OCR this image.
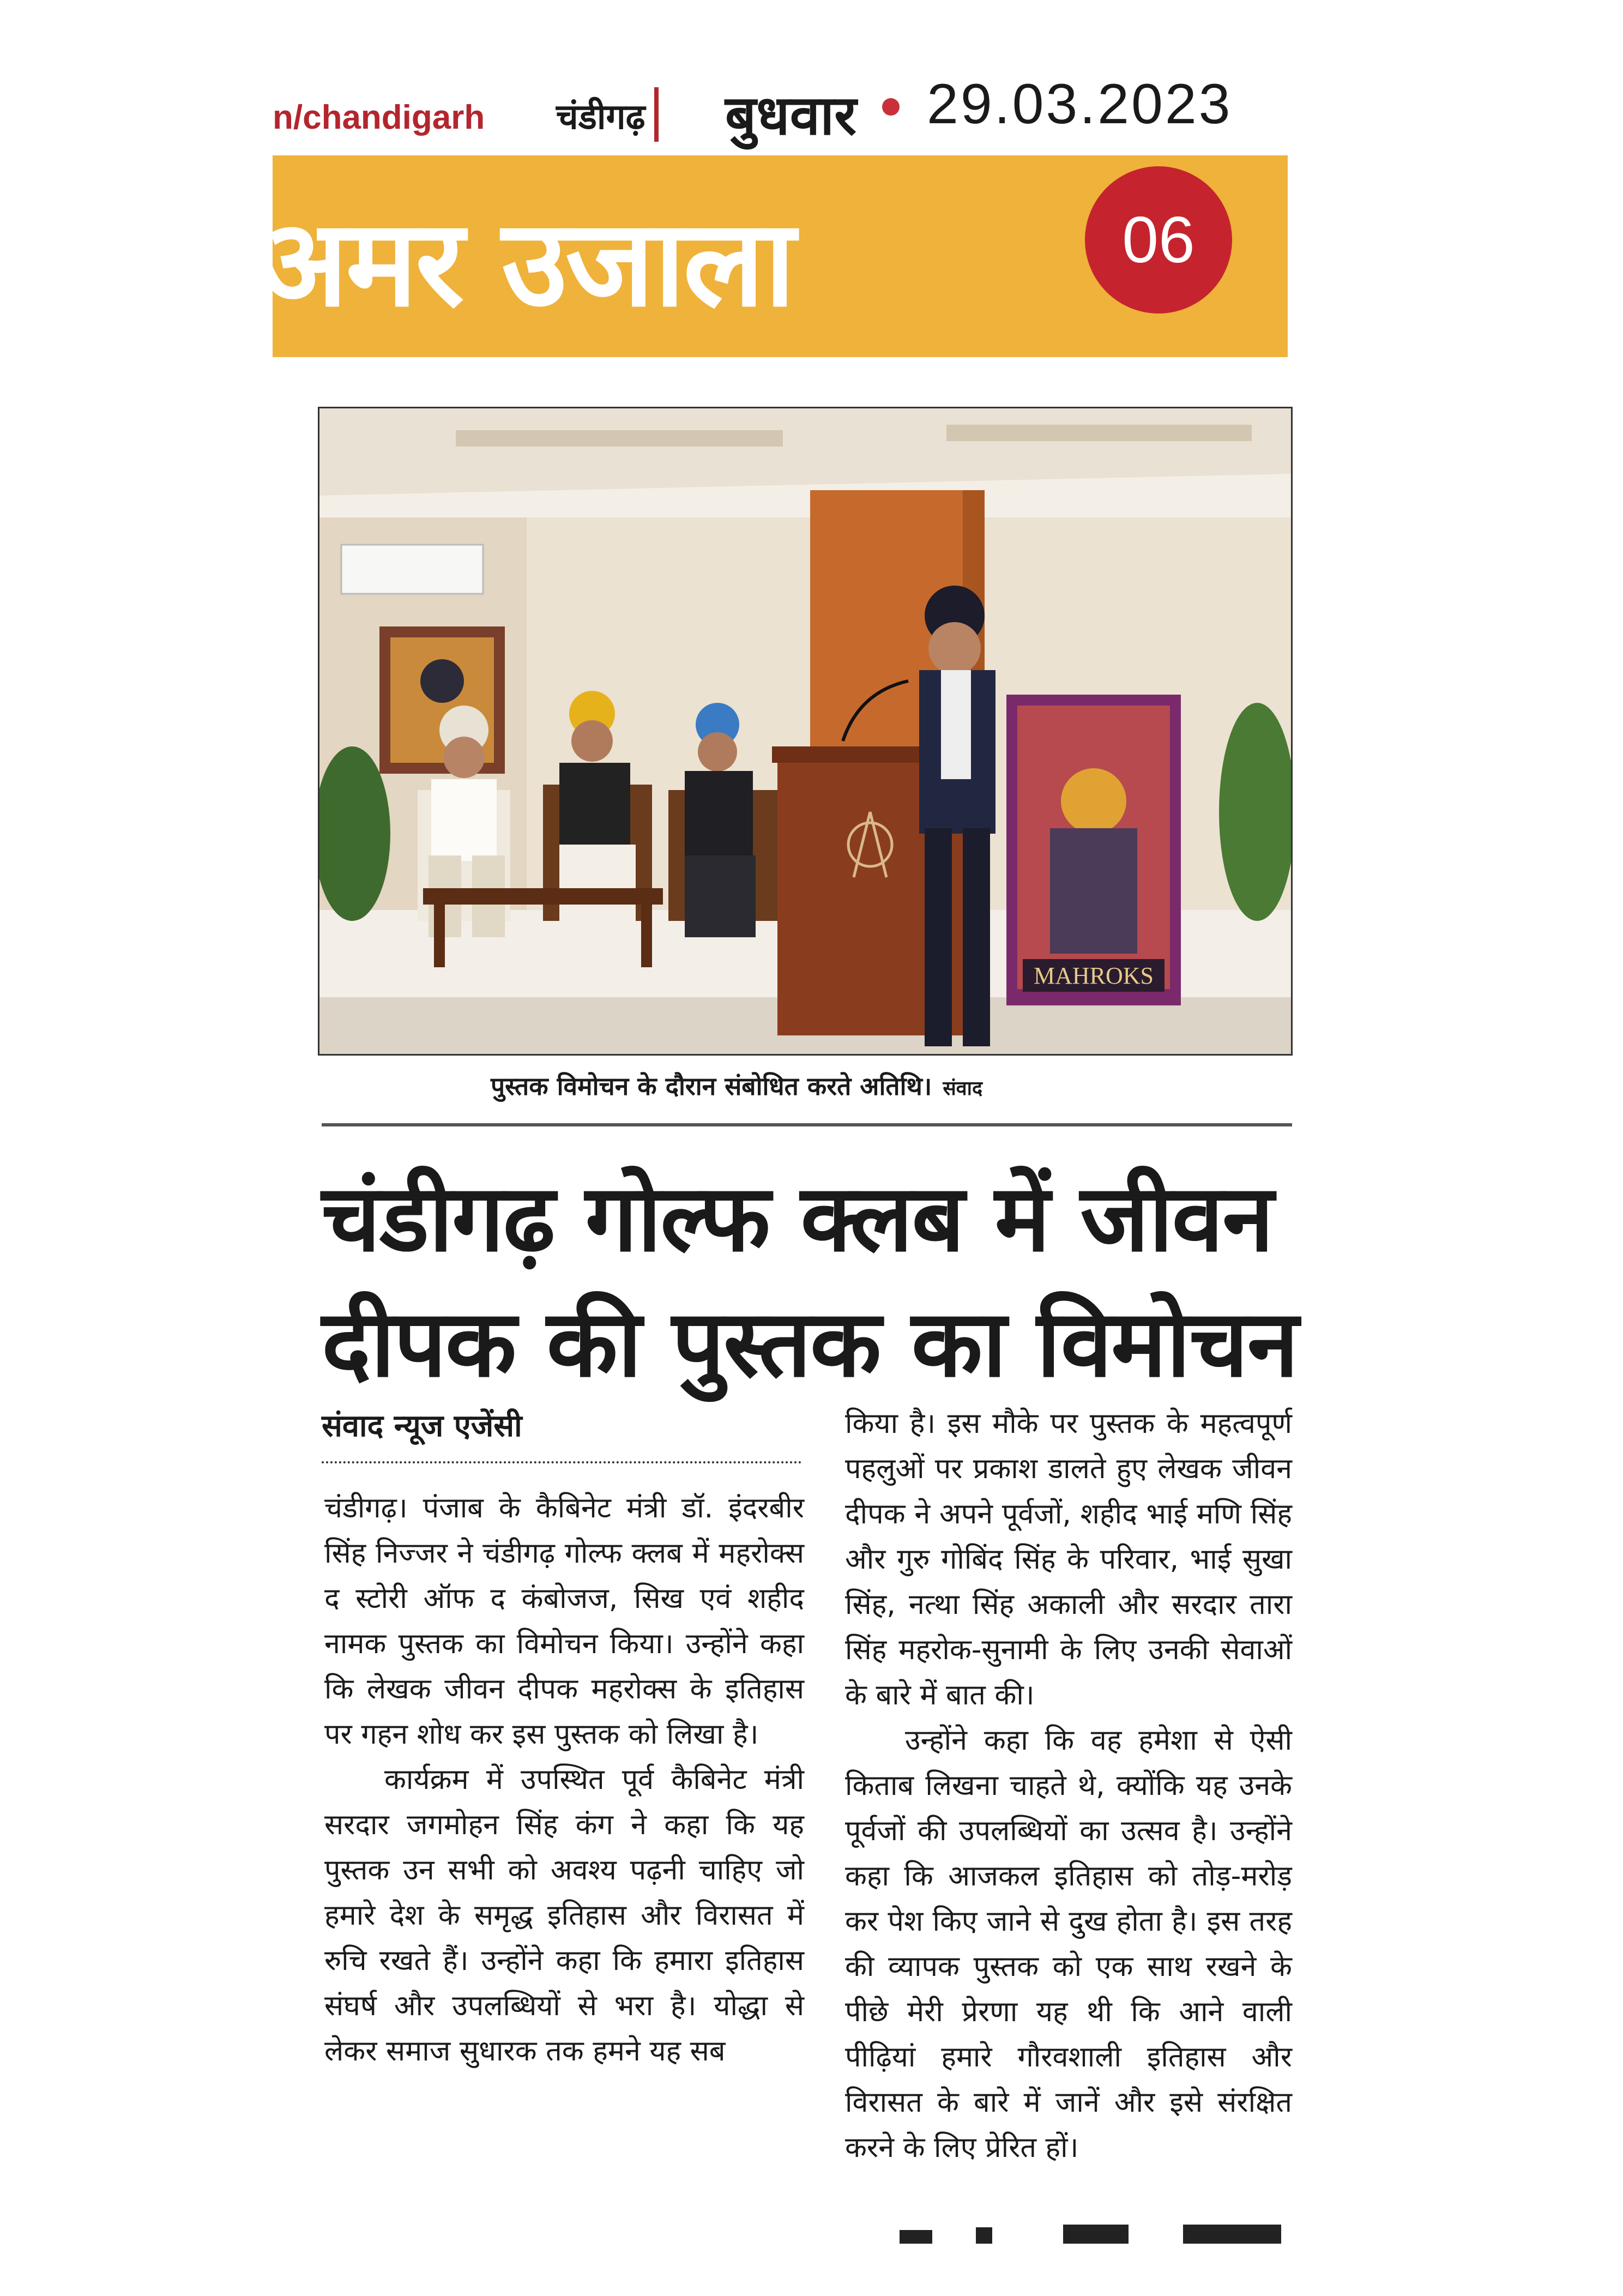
n/chandigarh चंडीगढ़ बुधवार 29.03.2023
अमर उजाला	06
MAHROKS
पुस्तक विमोचन के दौरान संबोधित करते अतिथि। संवाद
चंडीगढ़ गोल्फ क्लब में जीवन
दीपक की पुस्तक का विमोचन
संवाद न्यूज एजेंसी

चंडीगढ़। पंजाब के कैबिनेट मंत्री डॉ. इंदरबीर सिंह निज्जर ने चंडीगढ़ गोल्फ क्लब में महरोक्स द स्टोरी ऑफ द कंबोजज, सिख एवं शहीद नामक पुस्तक का विमोचन किया। उन्होंने कहा कि लेखक जीवन दीपक महरोक्स के इतिहास पर गहन शोध कर इस पुस्तक को लिखा है।

कार्यक्रम में उपस्थित पूर्व कैबिनेट मंत्री सरदार जगमोहन सिंह कंग ने कहा कि यह पुस्तक उन सभी को अवश्य पढ़नी चाहिए जो हमारे देश के समृद्ध इतिहास और विरासत में रुचि रखते हैं। उन्होंने कहा कि हमारा इतिहास संघर्ष और उपलब्धियों से भरा है। योद्धा से लेकर समाज सुधारक तक हमने यह सब

किया है। इस मौके पर पुस्तक के महत्वपूर्ण पहलुओं पर प्रकाश डालते हुए लेखक जीवन दीपक ने अपने पूर्वजों, शहीद भाई मणि सिंह और गुरु गोबिंद सिंह के परिवार, भाई सुखा सिंह, नत्था सिंह अकाली और सरदार तारा सिंह महरोक-सुनामी के लिए उनकी सेवाओं के बारे में बात की।

उन्होंने कहा कि वह हमेशा से ऐसी किताब लिखना चाहते थे, क्योंकि यह उनके पूर्वजों की उपलब्धियों का उत्सव है। उन्होंने कहा कि आजकल इतिहास को तोड़-मरोड़ कर पेश किए जाने से दुख होता है। इस तरह की व्यापक पुस्तक को एक साथ रखने के पीछे मेरी प्रेरणा यह थी कि आने वाली पीढ़ियां हमारे गौरवशाली इतिहास और विरासत के बारे में जानें और इसे संरक्षित करने के लिए प्रेरित हों।
